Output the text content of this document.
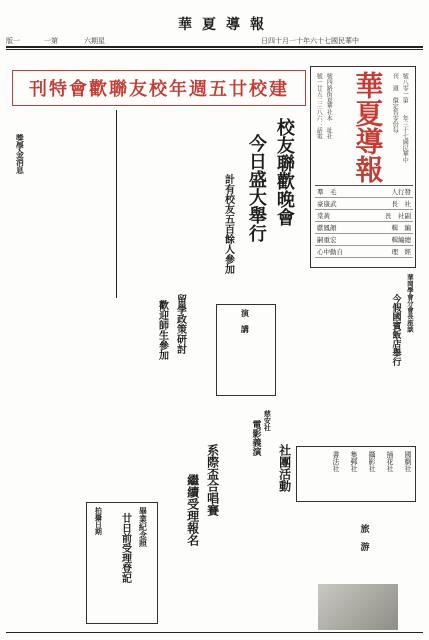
華夏導報
版一	一第	六期星	日四十月一十年六十七國民華中
刊特會歡聯友校年週五廿校建 華夏導報	號八零一第　　年三十七國民華中
刊　週　價定售零份每
號四路街夏華社本　址社
號一廿五二三八六：話電
羣　毛	人行發
豪康武	長　社
棠黃	長　社副
獻鳳顏	輯　編
嗣重宏	輯編總
心中動自	理　經
校友聯歡晚會
今日盛大舉行
計有校友五百餘人參加
獎學金消息
留學政策研討
歡迎師生參加	演　講	華岡學會分會長座談
今假國賓飯店舉行
慈安社
電影義演
系際盃合唱賽
繼續受理報名
社團活動	國劇社
插花社
攝影社
集郵社
書法社
旅　游
畢業紀念照
廿日前受理登記
拍攝日期
